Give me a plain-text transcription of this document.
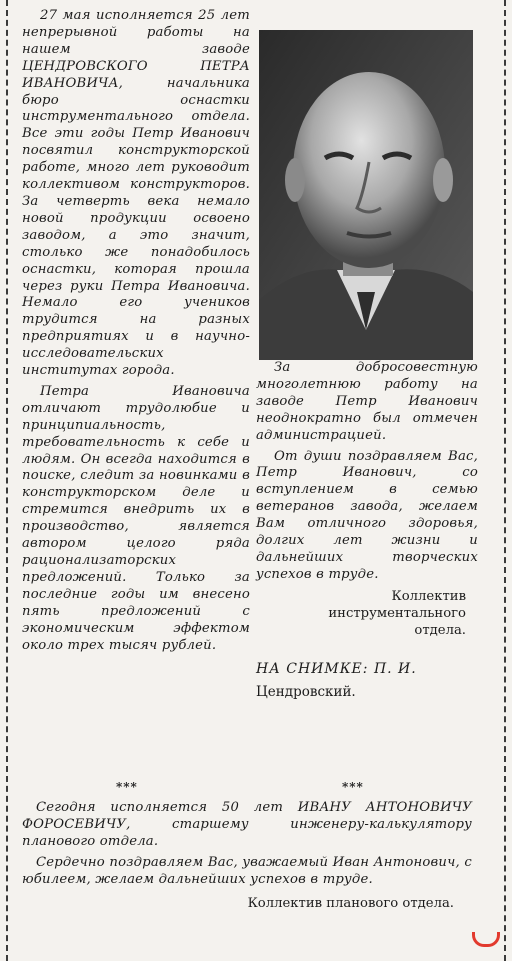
27 мая исполняется 25 лет непрерывной работы на нашем заводе ЦЕНДРОВСКОГО ПЕТРА ИВАНОВИЧА, начальника бюро оснастки инструментального отдела. Все эти годы Петр Иванович посвятил конструкторской работе, много лет руководит коллективом конструкторов. За четверть века немало новой продукции освоено заводом, а это значит, столько же понадобилось оснастки, которая прошла через руки Петра Ивановича. Немало его учеников трудится на разных предприятиях и в научно-исследовательских институтах города.

Петра Ивановича отличают трудолюбие и принципиальность, требовательность к себе и людям. Он всегда находится в поиске, следит за новинками в конструкторском деле и стремится внедрить их в производство, является автором целого ряда рационализаторских предложений. Только за последние годы им внесено пять предложений с экономическим эффектом около трех тысяч рублей.

За добросовестную многолетнюю работу на заводе Петр Иванович неоднократно был отмечен администрацией.

От души поздравляем Вас, Петр Иванович, со вступлением в семью ветеранов завода, желаем Вам отличного здоровья, долгих лет жизни и дальнейших творческих успехов в труде.

Коллектив
инструментального
отдела.
НА СНИМКЕ: П. И.
Цендровский.
***	***

Сегодня исполняется 50 лет ИВАНУ АНТОНОВИЧУ ФОРОСЕВИЧУ, старшему инженеру-калькулятору планового отдела.

Сердечно поздравляем Вас, уважаемый Иван Антонович, с юбилеем, желаем дальнейших успехов в труде.

Коллектив планового отдела.
